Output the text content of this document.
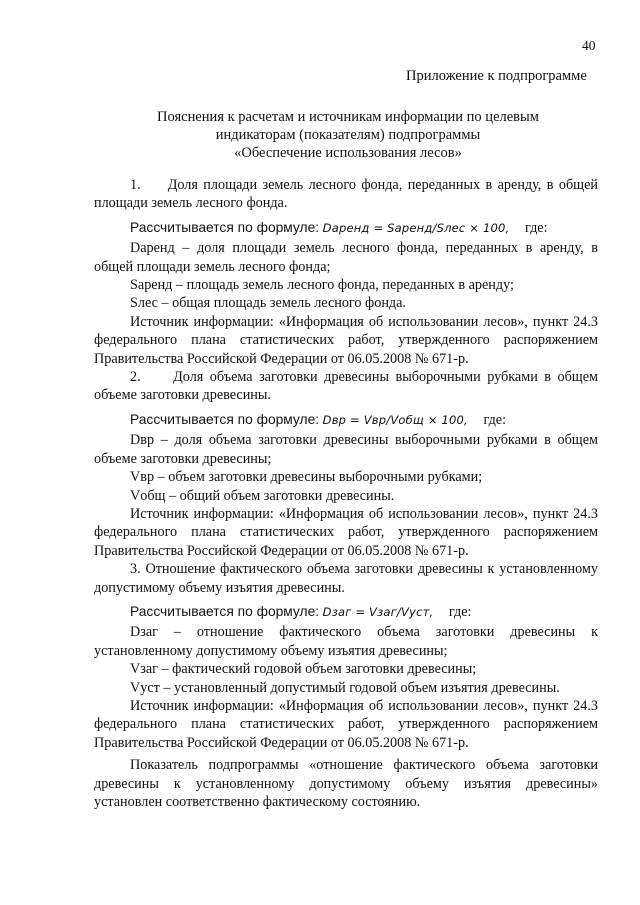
40
Приложение к подпрограмме
Пояснения к расчетам и источникам информации по целевым
индикаторам (показателям) подпрограммы
«Обеспечение использования лесов»

1.     Доля площади земель лесного фонда, переданных в аренду, в общей площади земель лесного фонда.

Рассчитывается по формуле: Dаренд = Sаренд/Sлес × 100, где:

Dаренд – доля площади земель лесного фонда, переданных в аренду, в общей площади земель лесного фонда;

Sаренд – площадь земель лесного фонда, переданных в аренду;

Sлес – общая площадь земель лесного фонда.

Источник информации: «Информация об использовании лесов», пункт 24.3 федерального плана статистических работ, утвержденного распоряжением Правительства Российской Федерации от 06.05.2008 № 671-р.

2.     Доля объема заготовки древесины выборочными рубками в общем объеме заготовки древесины.

Рассчитывается по формуле: Dвр = Vвр/Vобщ × 100, где:

Dвр – доля объема заготовки древесины выборочными рубками в общем объеме заготовки древесины;

Vвр – объем заготовки древесины выборочными рубками;

Vобщ – общий объем заготовки древесины.

Источник информации: «Информация об использовании лесов», пункт 24.3 федерального плана статистических работ, утвержденного распоряжением Правительства Российской Федерации от 06.05.2008 № 671-р.

3. Отношение фактического объема заготовки древесины к установленному допустимому объему изъятия древесины.

Рассчитывается по формуле: Dзаг = Vзаг/Vуст, где:

Dзаг – отношение фактического объема заготовки древесины к установленному допустимому объему изъятия древесины;

Vзаг – фактический годовой объем заготовки древесины;

Vуст – установленный допустимый годовой объем изъятия древесины.

Источник информации: «Информация об использовании лесов», пункт 24.3 федерального плана статистических работ, утвержденного распоряжением Правительства Российской Федерации от 06.05.2008 № 671-р.

Показатель подпрограммы «отношение фактического объема заготовки древесины к установленному допустимому объему изъятия древесины» установлен соответственно фактическому состоянию.
